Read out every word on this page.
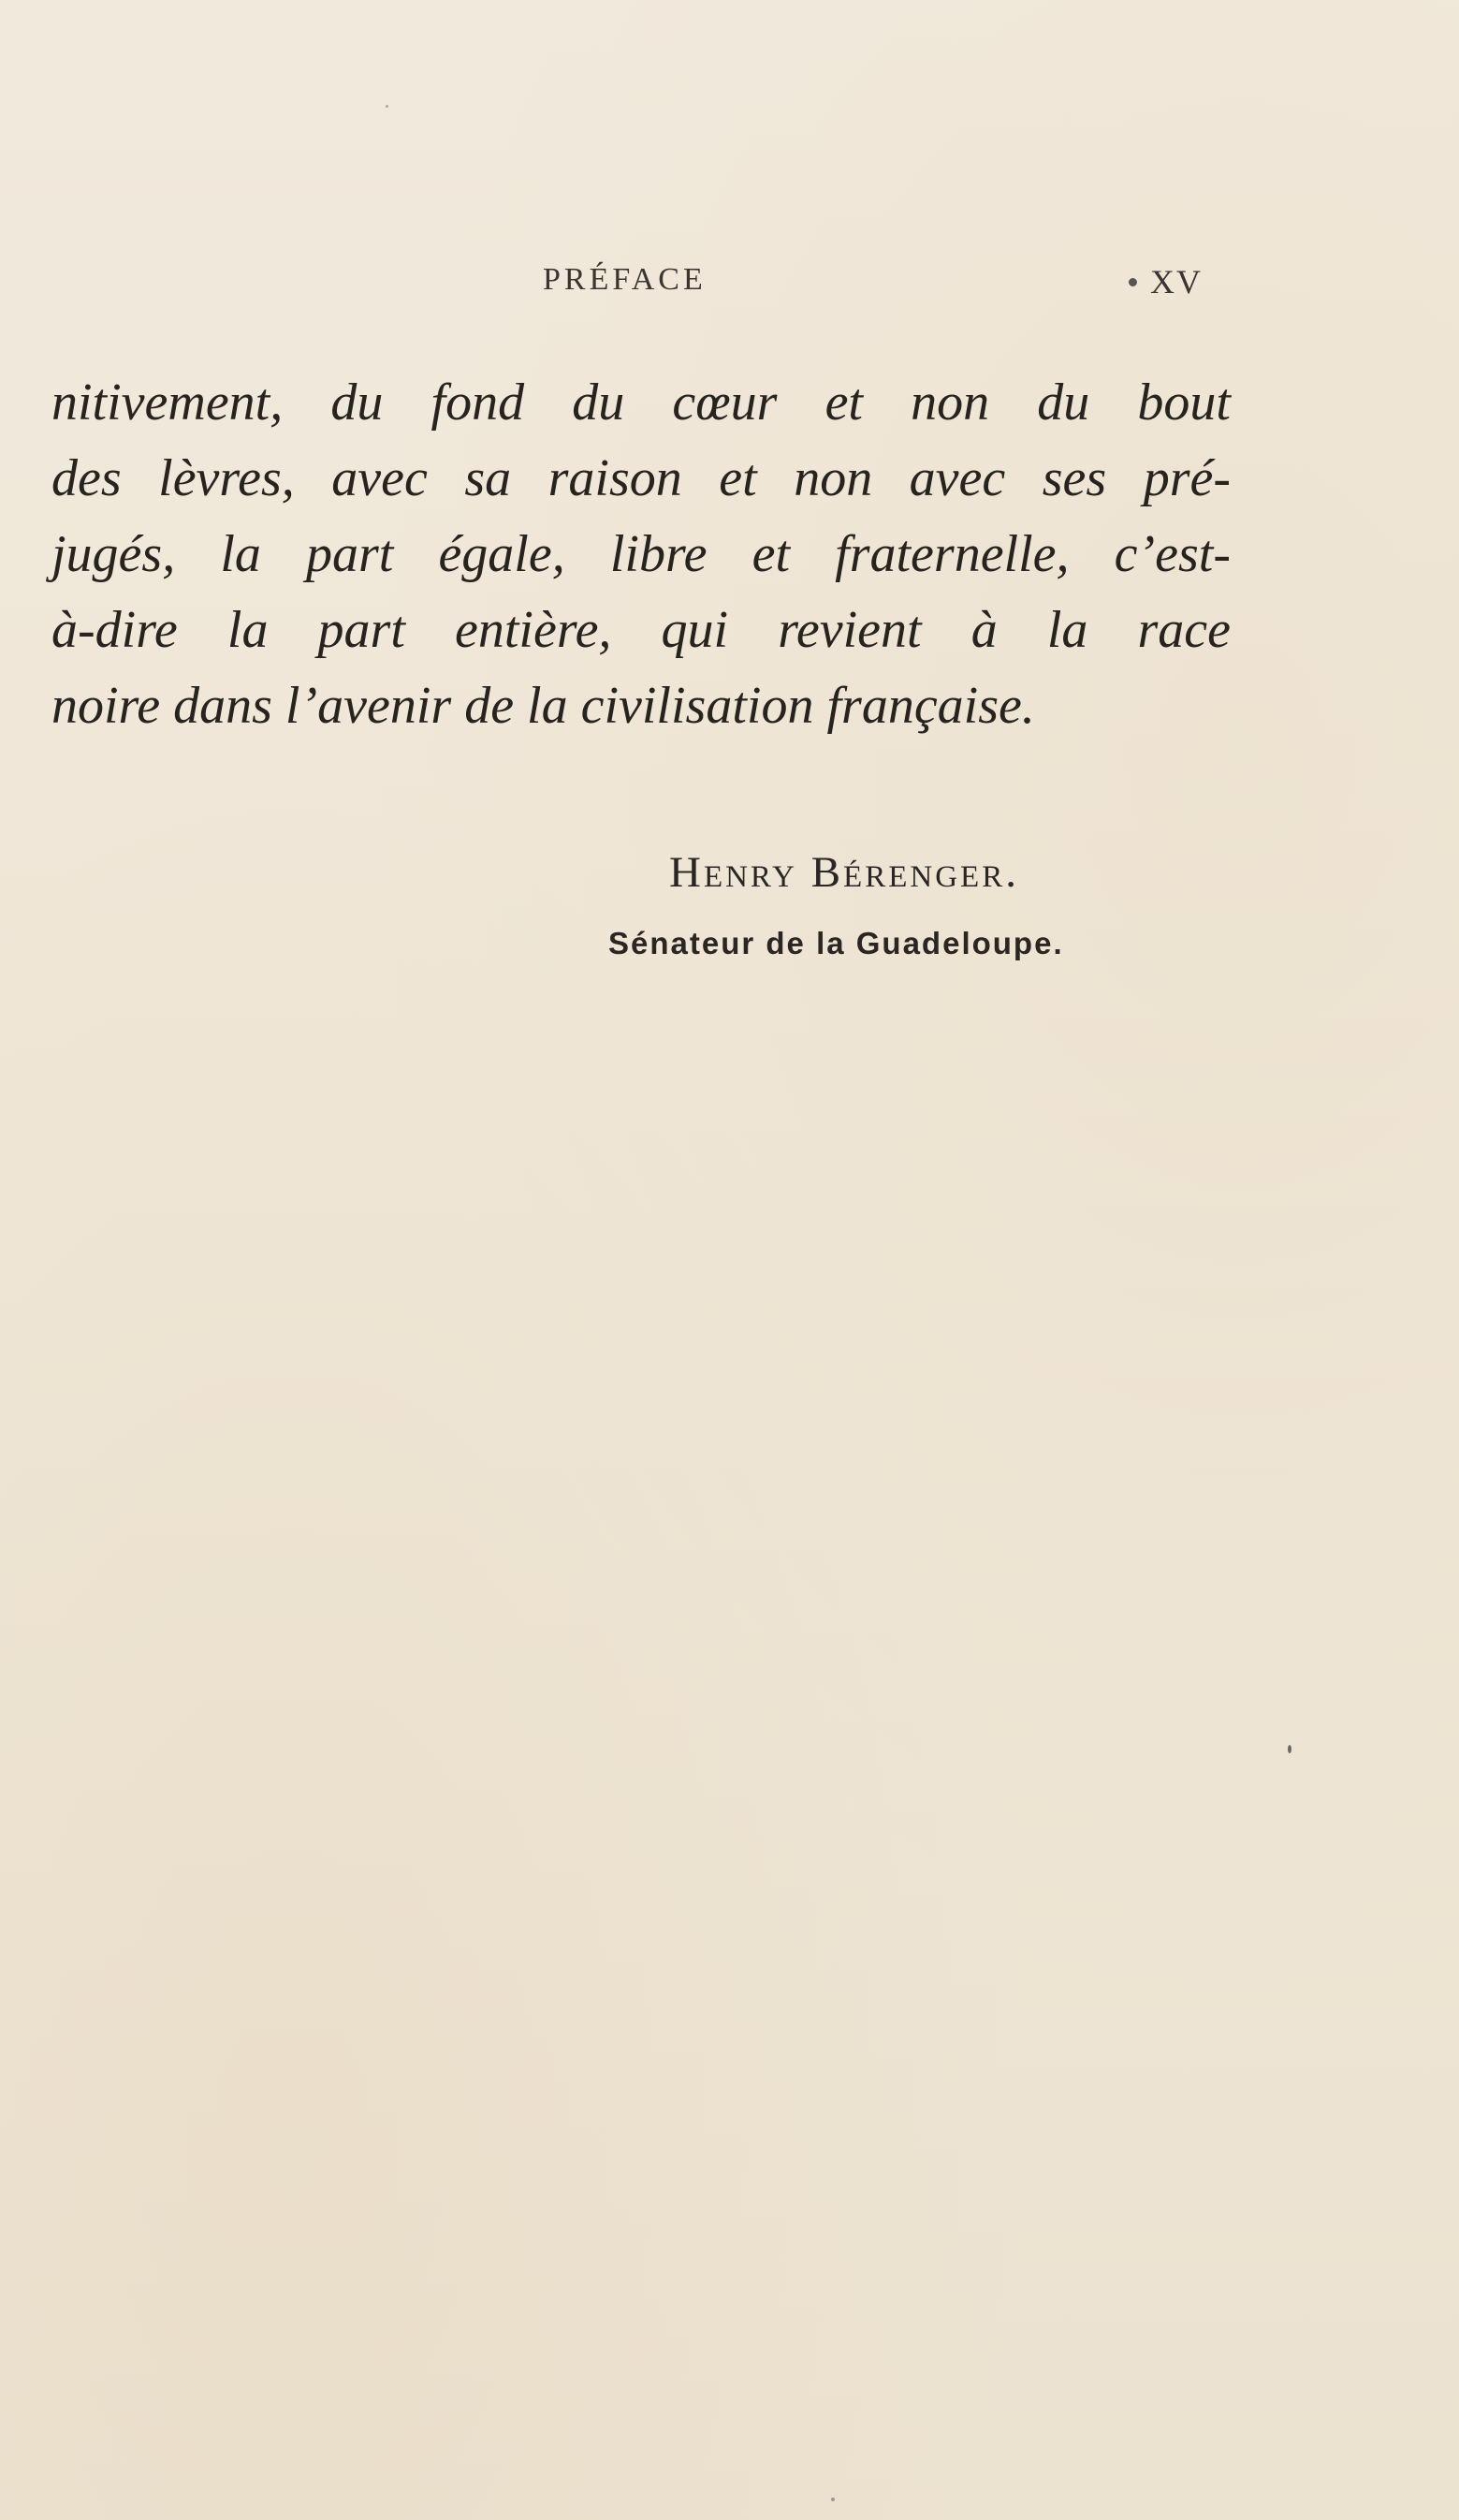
PRÉFACE	XV
nitivement, du fond du cœur et non du bout
des lèvres, avec sa raison et non avec ses pré-
jugés, la part égale, libre et fraternelle, c’est-
à-dire la part entière, qui revient à la race
noire dans l’avenir de la civilisation française.
Henry Bérenger.
Sénateur de la Guadeloupe.
